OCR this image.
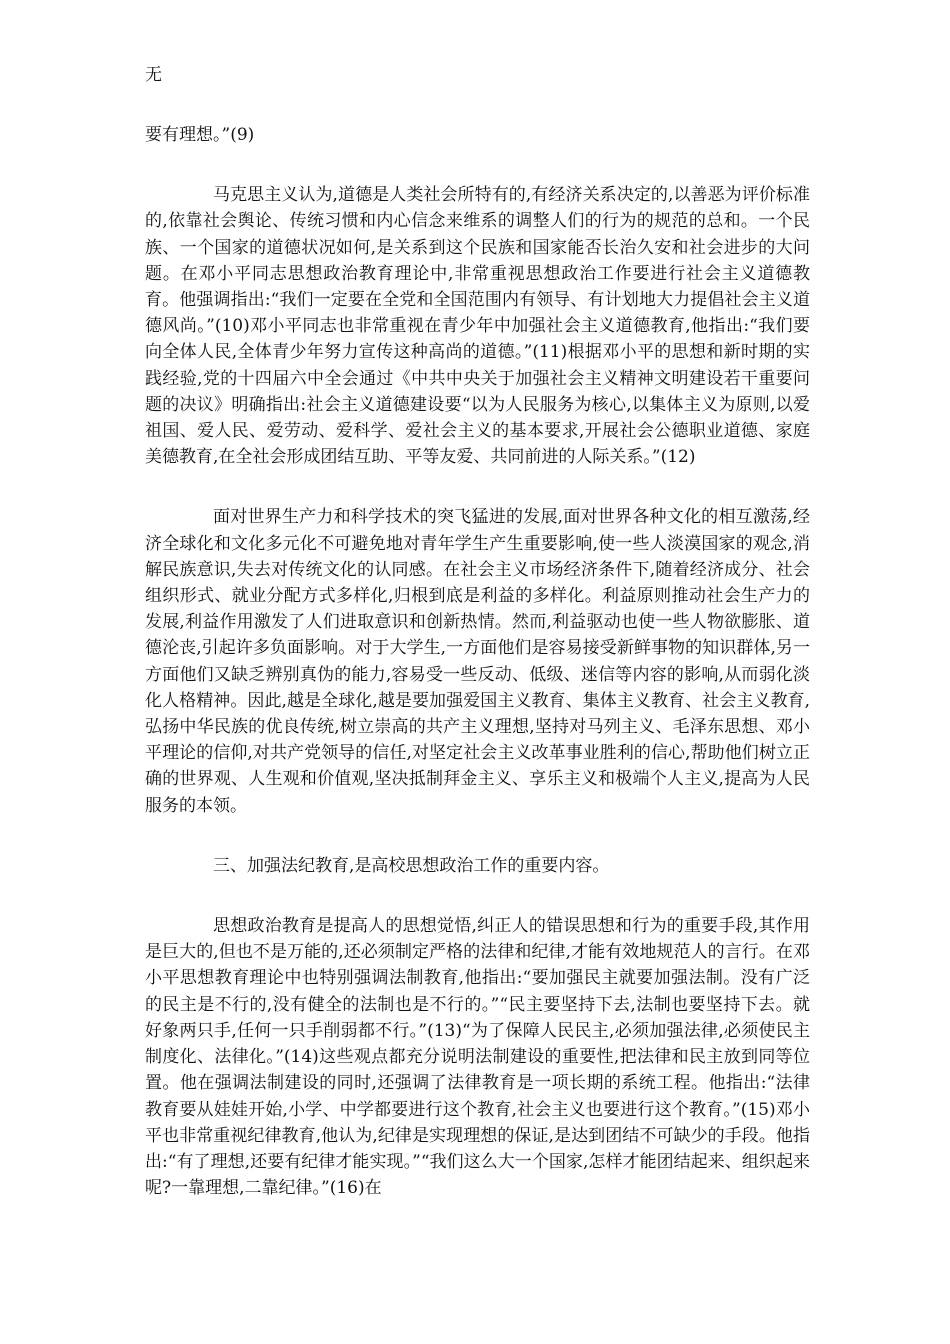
无

要有理想。”(9)

马克思主义认为,道德是人类社会所特有的,有经济关系决定的,以善恶为评价标准的,依靠社会舆论、传统习惯和内心信念来维系的调整人们的行为的规范的总和。一个民族、一个国家的道德状况如何,是关系到这个民族和国家能否长治久安和社会进步的大问题。在邓小平同志思想政治教育理论中,非常重视思想政治工作要进行社会主义道德教育。他强调指出:“我们一定要在全党和全国范围内有领导、有计划地大力提倡社会主义道德风尚。”(10)邓小平同志也非常重视在青少年中加强社会主义道德教育,他指出:“我们要向全体人民,全体青少年努力宣传这种高尚的道德。”(11)根据邓小平的思想和新时期的实践经验,党的十四届六中全会通过《中共中央关于加强社会主义精神文明建设若干重要问题的决议》明确指出:社会主义道德建设要“以为人民服务为核心,以集体主义为原则,以爱祖国、爱人民、爱劳动、爱科学、爱社会主义的基本要求,开展社会公德职业道德、家庭美德教育,在全社会形成团结互助、平等友爱、共同前进的人际关系。”(12)

面对世界生产力和科学技术的突飞猛进的发展,面对世界各种文化的相互激荡,经济全球化和文化多元化不可避免地对青年学生产生重要影响,使一些人淡漠国家的观念,消解民族意识,失去对传统文化的认同感。在社会主义市场经济条件下,随着经济成分、社会组织形式、就业分配方式多样化,归根到底是利益的多样化。利益原则推动社会生产力的发展,利益作用激发了人们进取意识和创新热情。然而,利益驱动也使一些人物欲膨胀、道德沦丧,引起许多负面影响。对于大学生,一方面他们是容易接受新鲜事物的知识群体,另一方面他们又缺乏辨别真伪的能力,容易受一些反动、低级、迷信等内容的影响,从而弱化淡化人格精神。因此,越是全球化,越是要加强爱国主义教育、集体主义教育、社会主义教育,弘扬中华民族的优良传统,树立崇高的共产主义理想,坚持对马列主义、毛泽东思想、邓小平理论的信仰,对共产党领导的信任,对坚定社会主义改革事业胜利的信心,帮助他们树立正确的世界观、人生观和价值观,坚决抵制拜金主义、享乐主义和极端个人主义,提高为人民服务的本领。

三、加强法纪教育,是高校思想政治工作的重要内容。

思想政治教育是提高人的思想觉悟,纠正人的错误思想和行为的重要手段,其作用是巨大的,但也不是万能的,还必须制定严格的法律和纪律,才能有效地规范人的言行。在邓小平思想教育理论中也特别强调法制教育,他指出:“要加强民主就要加强法制。没有广泛的民主是不行的,没有健全的法制也是不行的。”“民主要坚持下去,法制也要坚持下去。就好象两只手,任何一只手削弱都不行。”(13)“为了保障人民民主,必须加强法律,必须使民主制度化、法律化。”(14)这些观点都充分说明法制建设的重要性,把法律和民主放到同等位置。他在强调法制建设的同时,还强调了法律教育是一项长期的系统工程。他指出:“法律教育要从娃娃开始,小学、中学都要进行这个教育,社会主义也要进行这个教育。”(15)邓小平也非常重视纪律教育,他认为,纪律是实现理想的保证,是达到团结不可缺少的手段。他指出:“有了理想,还要有纪律才能实现。”“我们这么大一个国家,怎样才能团结起来、组织起来呢?一靠理想,二靠纪律。”(16)在
